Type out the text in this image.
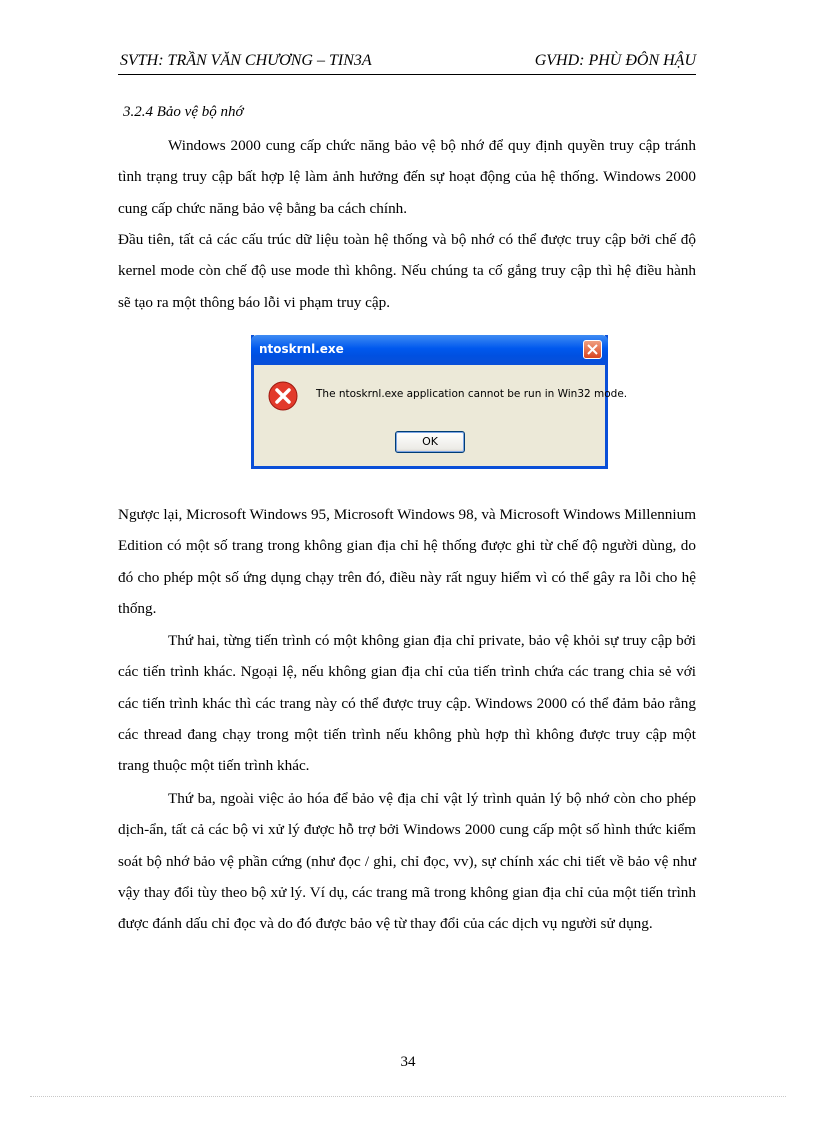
SVTH: TRẦN VĂN CHƯƠNG – TIN3A	GVHD: PHÙ ĐÔN HẬU
3.2.4 Bảo vệ bộ nhớ

Windows 2000 cung cấp chức năng bảo vệ bộ nhớ để quy định quyền truy cập tránh tình trạng truy cập bất hợp lệ làm ảnh hưởng đến sự hoạt động của hệ thống. Windows 2000 cung cấp chức năng bảo vệ bằng ba cách chính.

Đầu tiên, tất cả các cấu trúc dữ liệu toàn hệ thống và bộ nhớ có thể được truy cập bởi chế độ kernel mode còn chế độ use mode thì không. Nếu chúng ta cố gắng truy cập thì hệ điều hành sẽ tạo ra một thông báo lỗi vi phạm truy cập.

ntoskrnl.exe
The ntoskrnl.exe application cannot be run in Win32 mode.
OK

Ngược lại, Microsoft Windows 95, Microsoft Windows 98, và Microsoft Windows Millennium Edition có một số trang trong không gian địa chỉ hệ thống được ghi từ chế độ người dùng, do đó cho phép một số ứng dụng chạy trên đó, điều này rất nguy hiểm vì có thể gây ra lỗi cho hệ thống.

Thứ hai, từng tiến trình có một không gian địa chỉ private, bảo vệ khỏi sự truy cập bởi các tiến trình khác. Ngoại lệ, nếu không gian địa chỉ của tiến trình chứa các trang chia sẻ với các tiến trình khác thì các trang này có thể được truy cập. Windows 2000 có thể đảm bảo rằng các thread đang chạy trong một tiến trình nếu không phù hợp thì không được truy cập một trang thuộc một tiến trình khác.

Thứ ba, ngoài việc ảo hóa để bảo vệ địa chỉ vật lý trình quản lý bộ nhớ còn cho phép dịch-ẩn, tất cả các bộ vi xử lý được hỗ trợ bởi Windows 2000 cung cấp một số hình thức kiểm soát bộ nhớ bảo vệ phần cứng (như đọc / ghi, chỉ đọc, vv), sự chính xác chi tiết về bảo vệ như vậy thay đổi tùy theo bộ xử lý. Ví dụ, các trang mã trong không gian địa chỉ của một tiến trình được đánh dấu chỉ đọc và do đó được bảo vệ từ thay đổi của các dịch vụ người sử dụng.

34
